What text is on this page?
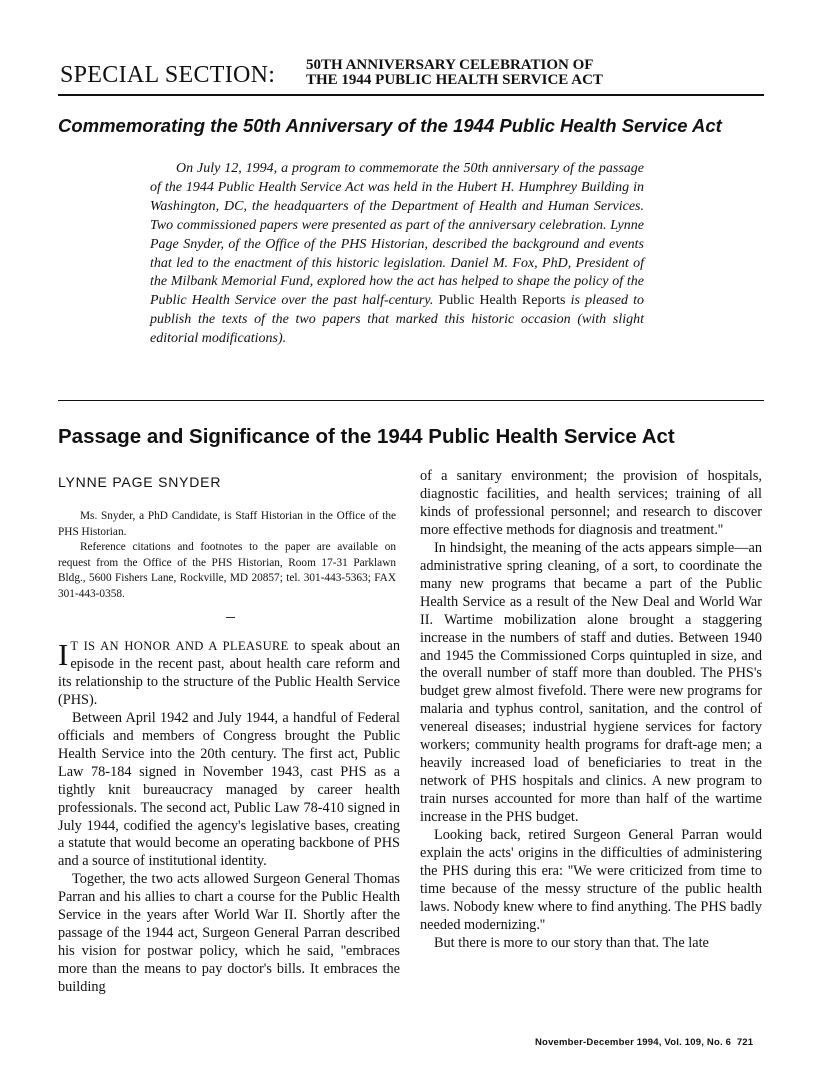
SPECIAL SECTION: 50TH ANNIVERSARY CELEBRATION OF
THE 1944 PUBLIC HEALTH SERVICE ACT
Commemorating the 50th Anniversary of the 1944 Public Health Service Act
On July 12, 1994, a program to commemorate the 50th anniversary of the passage of the 1944 Public Health Service Act was held in the Hubert H. Humphrey Building in Washington, DC, the headquarters of the Department of Health and Human Services. Two commissioned papers were presented as part of the anniversary celebration. Lynne Page Snyder, of the Office of the PHS Historian, described the background and events that led to the enactment of this historic legislation. Daniel M. Fox, PhD, President of the Milbank Memorial Fund, explored how the act has helped to shape the policy of the Public Health Service over the past half-century. Public Health Reports is pleased to publish the texts of the two papers that marked this historic occasion (with slight editorial modifications).
Passage and Significance of the 1944 Public Health Service Act
LYNNE PAGE SNYDER

Ms. Snyder, a PhD Candidate, is Staff Historian in the Office of the PHS Historian.

Reference citations and footnotes to the paper are available on request from the Office of the PHS Historian, Room 17-31 Parklawn Bldg., 5600 Fishers Lane, Rockville, MD 20857; tel. 301-443-5363; FAX 301-443-0358.

I T IS AN HONOR AND A PLEASURE to speak about an episode in the recent past, about health care reform and its relationship to the structure of the Public Health Service (PHS).

Between April 1942 and July 1944, a handful of Federal officials and members of Congress brought the Public Health Service into the 20th century. The first act, Public Law 78-184 signed in November 1943, cast PHS as a tightly knit bureaucracy managed by career health professionals. The second act, Public Law 78-410 signed in July 1944, codified the agency's legislative bases, creating a statute that would become an operating backbone of PHS and a source of institutional identity.

Together, the two acts allowed Surgeon General Thomas Parran and his allies to chart a course for the Public Health Service in the years after World War II. Shortly after the passage of the 1944 act, Surgeon General Parran described his vision for postwar policy, which he said, ''embraces more than the means to pay doctor's bills. It embraces the building

of a sanitary environment; the provision of hospitals, diagnostic facilities, and health services; training of all kinds of professional personnel; and research to discover more effective methods for diagnosis and treatment.''

In hindsight, the meaning of the acts appears simple—an administrative spring cleaning, of a sort, to coordinate the many new programs that became a part of the Public Health Service as a result of the New Deal and World War II. Wartime mobilization alone brought a staggering increase in the numbers of staff and duties. Between 1940 and 1945 the Commissioned Corps quintupled in size, and the overall number of staff more than doubled. The PHS's budget grew almost fivefold. There were new programs for malaria and typhus control, sanitation, and the control of venereal diseases; industrial hygiene services for factory workers; community health programs for draft-age men; a heavily increased load of beneficiaries to treat in the network of PHS hospitals and clinics. A new program to train nurses accounted for more than half of the wartime increase in the PHS budget.

Looking back, retired Surgeon General Parran would explain the acts' origins in the difficulties of administering the PHS during this era: ''We were criticized from time to time because of the messy structure of the public health laws. Nobody knew where to find anything. The PHS badly needed modernizing.''

But there is more to our story than that. The late

November-December 1994, Vol. 109, No. 6 721
